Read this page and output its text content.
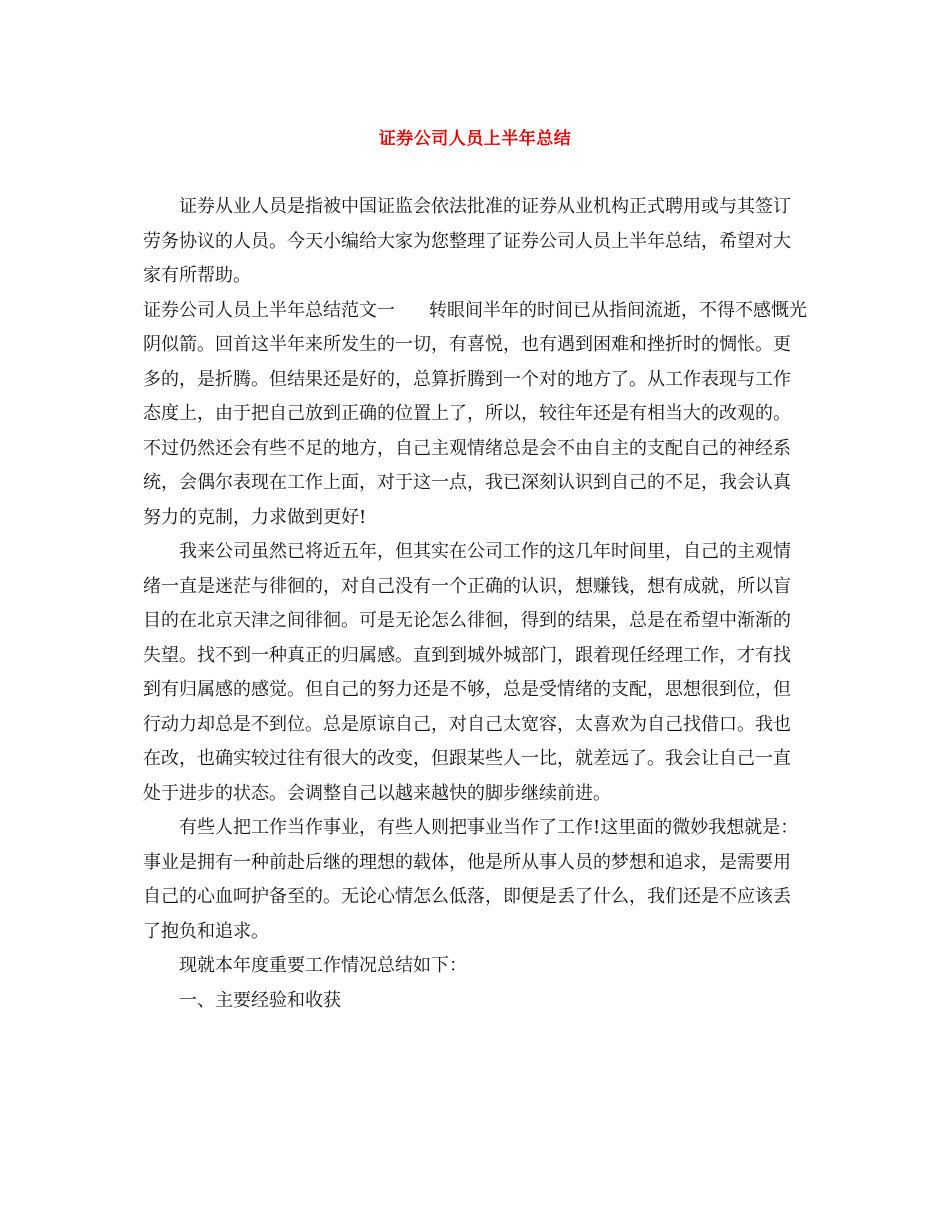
证券公司人员上半年总结

证券从业人员是指被中国证监会依法批准的证券从业机构正式聘用或与其签订劳务协议的人员。今天小编给大家为您整理了证券公司人员上半年总结，希望对大家有所帮助。

证券公司人员上半年总结范文一 转眼间半年的时间已从指间流逝，不得不感慨光阴似箭。回首这半年来所发生的一切，有喜悦，也有遇到困难和挫折时的惆怅。更多的，是折腾。但结果还是好的，总算折腾到一个对的地方了。从工作表现与工作态度上，由于把自己放到正确的位置上了，所以，较往年还是有相当大的改观的。不过仍然还会有些不足的地方，自己主观情绪总是会不由自主的支配自己的神经系统，会偶尔表现在工作上面，对于这一点，我已深刻认识到自己的不足，我会认真努力的克制，力求做到更好!

我来公司虽然已将近五年，但其实在公司工作的这几年时间里，自己的主观情绪一直是迷茫与徘徊的，对自己没有一个正确的认识，想赚钱，想有成就，所以盲目的在北京天津之间徘徊。可是无论怎么徘徊，得到的结果，总是在希望中渐渐的失望。找不到一种真正的归属感。直到到城外城部门，跟着现任经理工作，才有找到有归属感的感觉。但自己的努力还是不够，总是受情绪的支配，思想很到位，但行动力却总是不到位。总是原谅自己，对自己太宽容，太喜欢为自己找借口。我也在改，也确实较过往有很大的改变，但跟某些人一比，就差远了。我会让自己一直处于进步的状态。会调整自己以越来越快的脚步继续前进。

有些人把工作当作事业，有些人则把事业当作了工作!这里面的微妙我想就是：事业是拥有一种前赴后继的理想的载体，他是所从事人员的梦想和追求，是需要用自己的心血呵护备至的。无论心情怎么低落，即便是丢了什么，我们还是不应该丢了抱负和追求。

现就本年度重要工作情况总结如下：

一、主要经验和收获
